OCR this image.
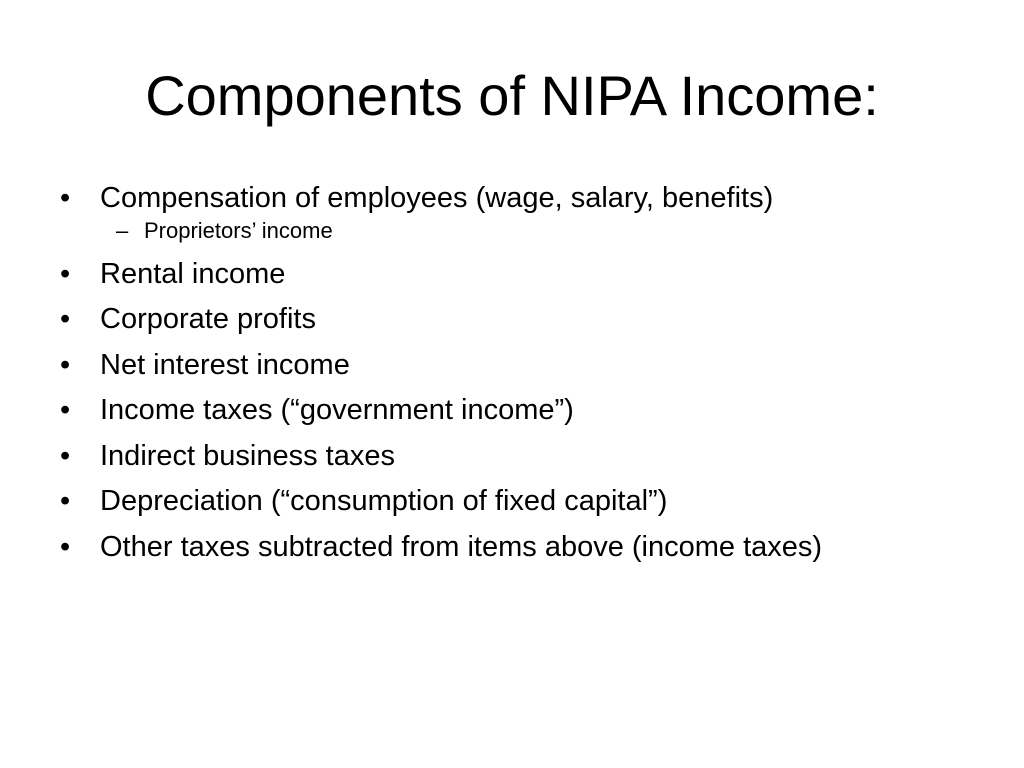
Components of NIPA Income:
• Compensation of employees (wage, salary, benefits)
– Proprietors’ income
• Rental income
• Corporate profits
• Net interest income
• Income taxes (“government income”)
• Indirect business taxes
• Depreciation (“consumption of fixed capital”)
• Other taxes subtracted from items above (income taxes)
